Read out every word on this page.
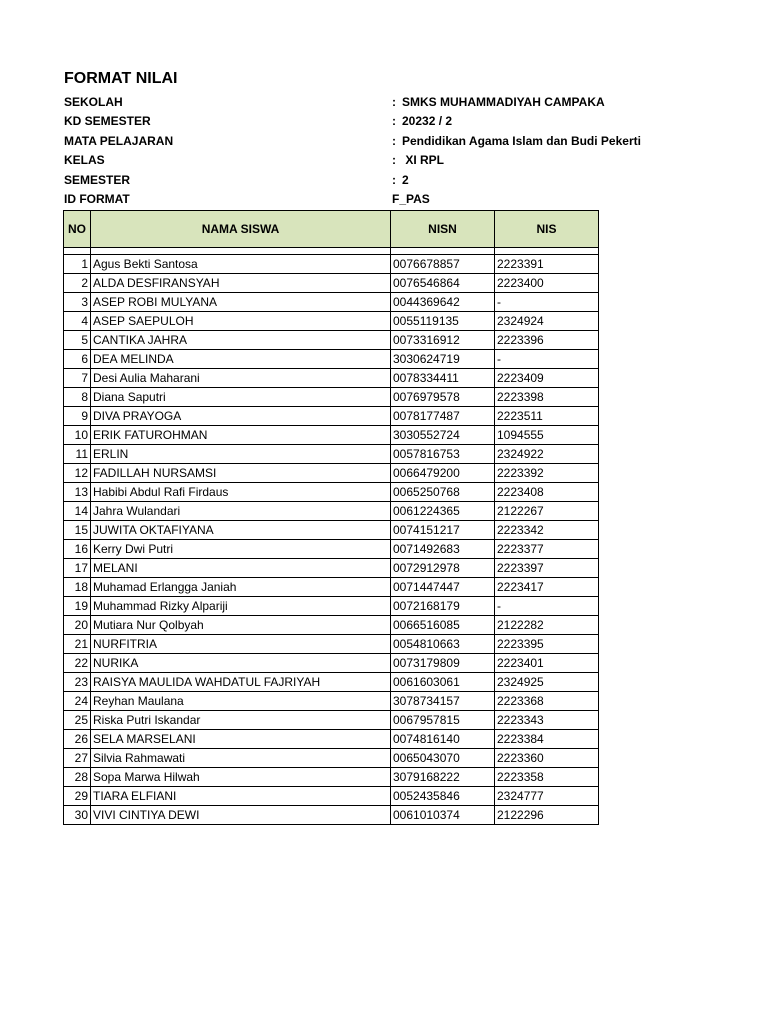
FORMAT NILAI
SEKOLAH	: SMKS MUHAMMADIYAH CAMPAKA
KD SEMESTER	: 20232 / 2
MATA PELAJARAN	: Pendidikan Agama Islam dan Budi Pekerti
KELAS	: XI RPL
SEMESTER	: 2
ID FORMAT	F_PAS
NO	NAMA SISWA	NISN	NIS

1	Agus Bekti Santosa	0076678857	2223391
2	ALDA DESFIRANSYAH	0076546864	2223400
3	ASEP ROBI MULYANA	0044369642	-
4	ASEP SAEPULOH	0055119135	2324924
5	CANTIKA JAHRA	0073316912	2223396
6	DEA MELINDA	3030624719	-
7	Desi Aulia Maharani	0078334411	2223409
8	Diana Saputri	0076979578	2223398
9	DIVA PRAYOGA	0078177487	2223511
10	ERIK FATUROHMAN	3030552724	1094555
11	ERLIN	0057816753	2324922
12	FADILLAH NURSAMSI	0066479200	2223392
13	Habibi Abdul Rafi Firdaus	0065250768	2223408
14	Jahra Wulandari	0061224365	2122267
15	JUWITA OKTAFIYANA	0074151217	2223342
16	Kerry Dwi Putri	0071492683	2223377
17	MELANI	0072912978	2223397
18	Muhamad Erlangga Janiah	0071447447	2223417
19	Muhammad Rizky Alpariji	0072168179	-
20	Mutiara Nur Qolbyah	0066516085	2122282
21	NURFITRIA	0054810663	2223395
22	NURIKA	0073179809	2223401
23	RAISYA MAULIDA WAHDATUL FAJRIYAH	0061603061	2324925
24	Reyhan Maulana	3078734157	2223368
25	Riska Putri Iskandar	0067957815	2223343
26	SELA MARSELANI	0074816140	2223384
27	Silvia Rahmawati	0065043070	2223360
28	Sopa Marwa Hilwah	3079168222	2223358
29	TIARA ELFIANI	0052435846	2324777
30	VIVI CINTIYA DEWI	0061010374	2122296
